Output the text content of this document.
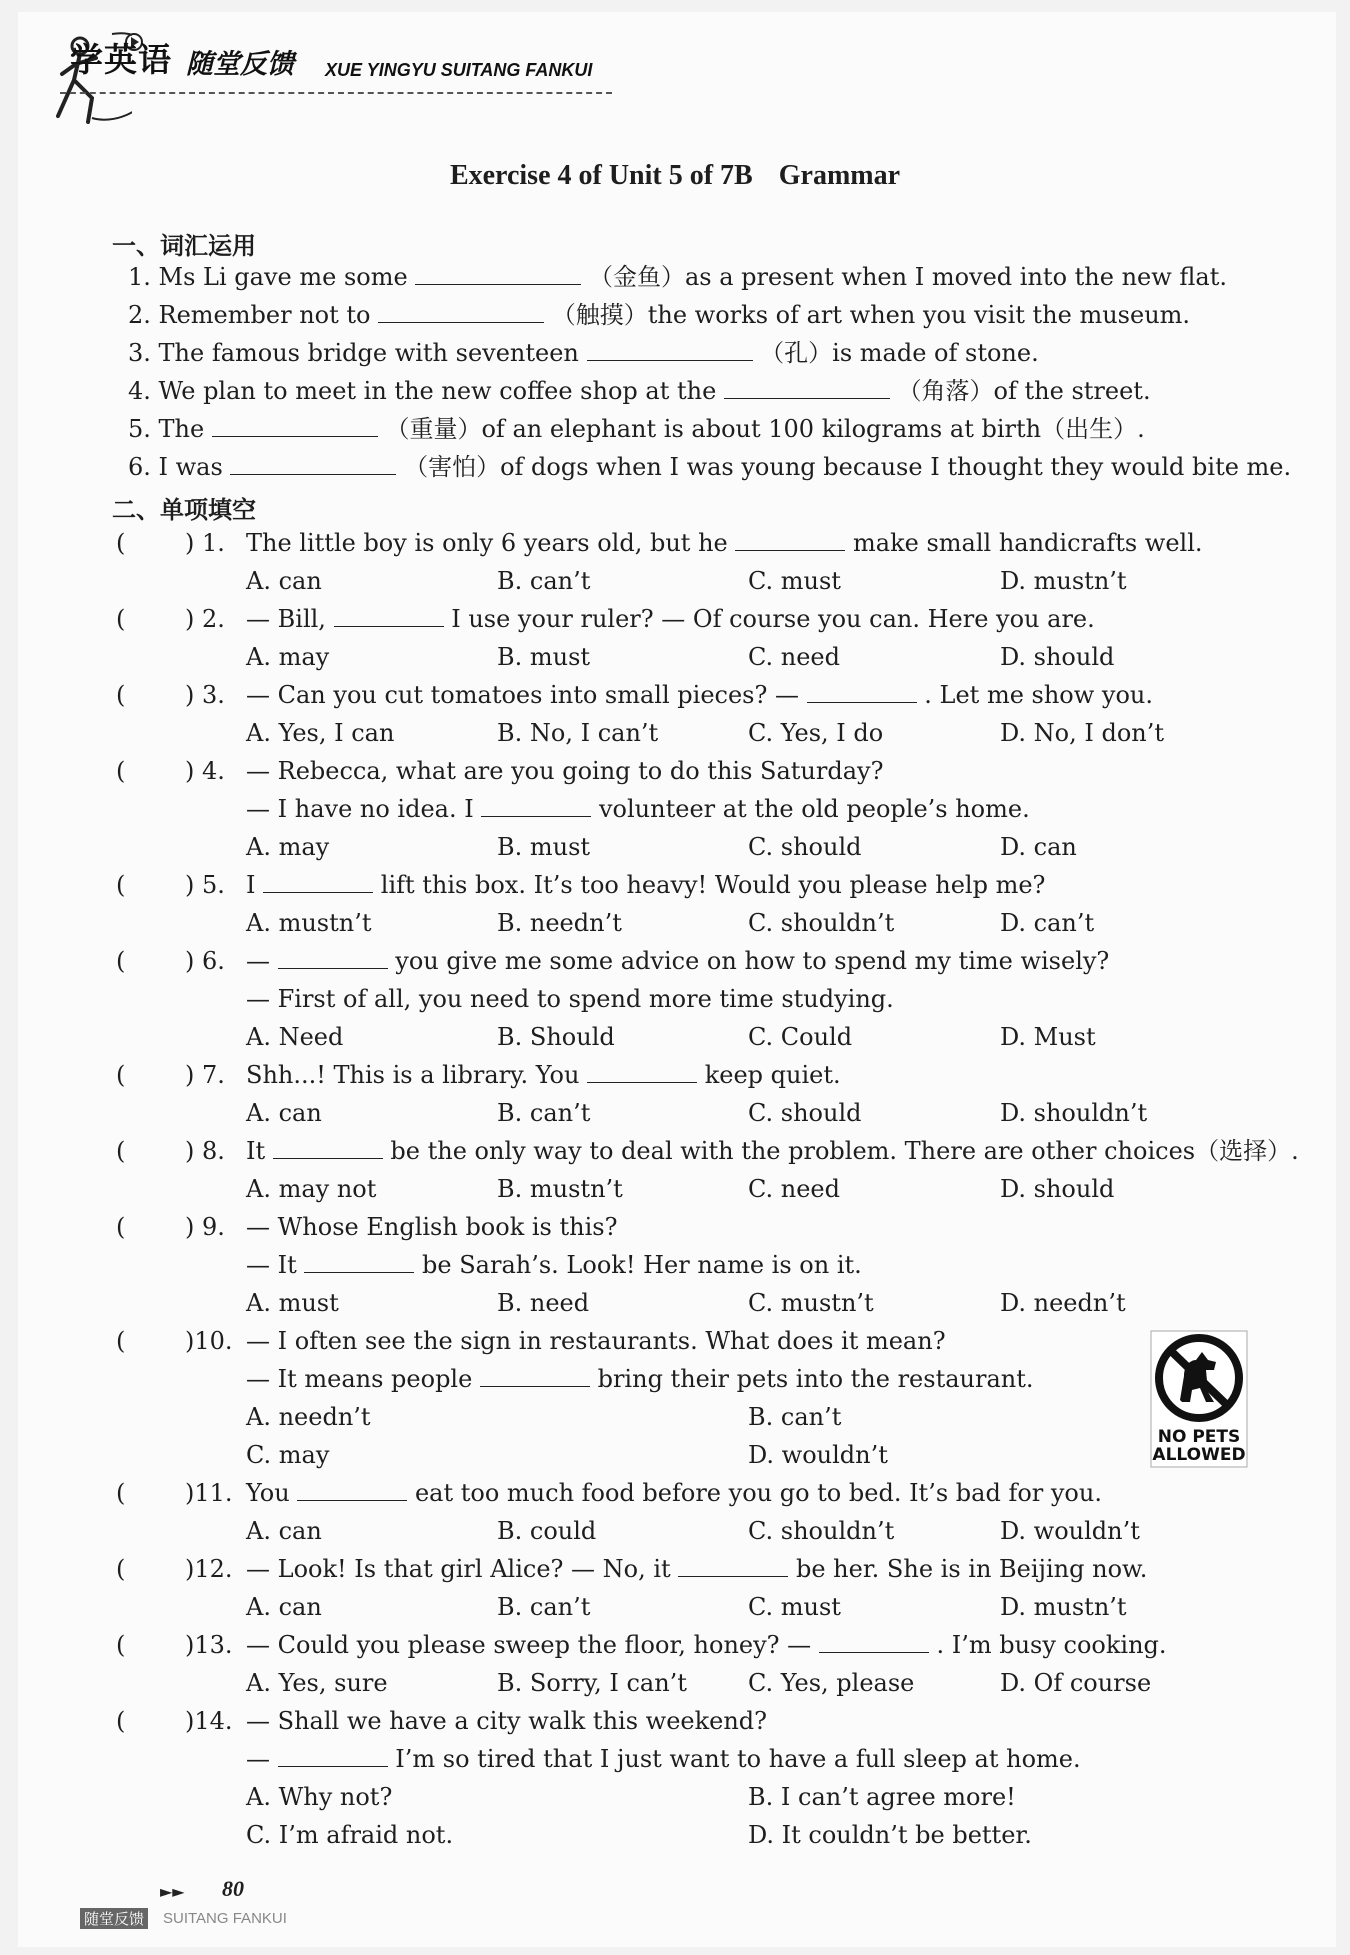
学英语 随堂反馈 XUE YINGYU SUITANG FANKUI
Exercise 4 of Unit 5 of 7B Grammar
一、词汇运用
1. Ms Li gave me some	（金鱼）as a present when I moved into the new flat.
2. Remember not to	（触摸）the works of art when you visit the museum.
3. The famous bridge with seventeen	（孔）is made of stone.
4. We plan to meet in the new coffee shop at the	（角落）of the street.
5. The	（重量）of an elephant is about 100 kilograms at birth（出生）.
6. I was	（害怕）of dogs when I was young because I thought they would bite me.
二、单项填空
( ) 1. The little boy is only 6 years old, but he	make small handicrafts well.
A. can	B. can’t	C. must	D. mustn’t
( ) 2. — Bill,	I use your ruler? — Of course you can. Here you are.
A. may	B. must	C. need	D. should
( ) 3. — Can you cut tomatoes into small pieces? —	. Let me show you.
A. Yes, I can	B. No, I can’t	C. Yes, I do	D. No, I don’t
( ) 4. — Rebecca, what are you going to do this Saturday?
— I have no idea. I	volunteer at the old people’s home.
A. may	B. must	C. should	D. can
( ) 5. I	lift this box. It’s too heavy! Would you please help me?
A. mustn’t	B. needn’t	C. shouldn’t	D. can’t
( ) 6. —	you give me some advice on how to spend my time wisely?
— First of all, you need to spend more time studying.
A. Need	B. Should	C. Could	D. Must
( ) 7. Shh...! This is a library. You	keep quiet.
A. can	B. can’t	C. should	D. shouldn’t
( ) 8. It	be the only way to deal with the problem. There are other choices（选择）.
A. may not	B. mustn’t	C. need	D. should
( ) 9. — Whose English book is this?
— It	be Sarah’s. Look! Her name is on it.
A. must	B. need	C. mustn’t	D. needn’t
( )10. — I often see the sign in restaurants. What does it mean?
— It means people	bring their pets into the restaurant.
A. needn’t	B. can’t
C. may	D. wouldn’t
( )11. You	eat too much food before you go to bed. It’s bad for you.
A. can	B. could	C. shouldn’t	D. wouldn’t
( )12. — Look! Is that girl Alice? — No, it	be her. She is in Beijing now.
A. can	B. can’t	C. must	D. mustn’t
( )13. — Could you please sweep the floor, honey? —	. I’m busy cooking.
A. Yes, sure	B. Sorry, I can’t	C. Yes, please	D. Of course
( )14. — Shall we have a city walk this weekend?
—	I’m so tired that I just want to have a full sleep at home.
A. Why not?	B. I can’t agree more!
C. I’m afraid not.	D. It couldn’t be better.
NO PETS
ALLOWED
►► 80
随堂反馈 SUITANG FANKUI
